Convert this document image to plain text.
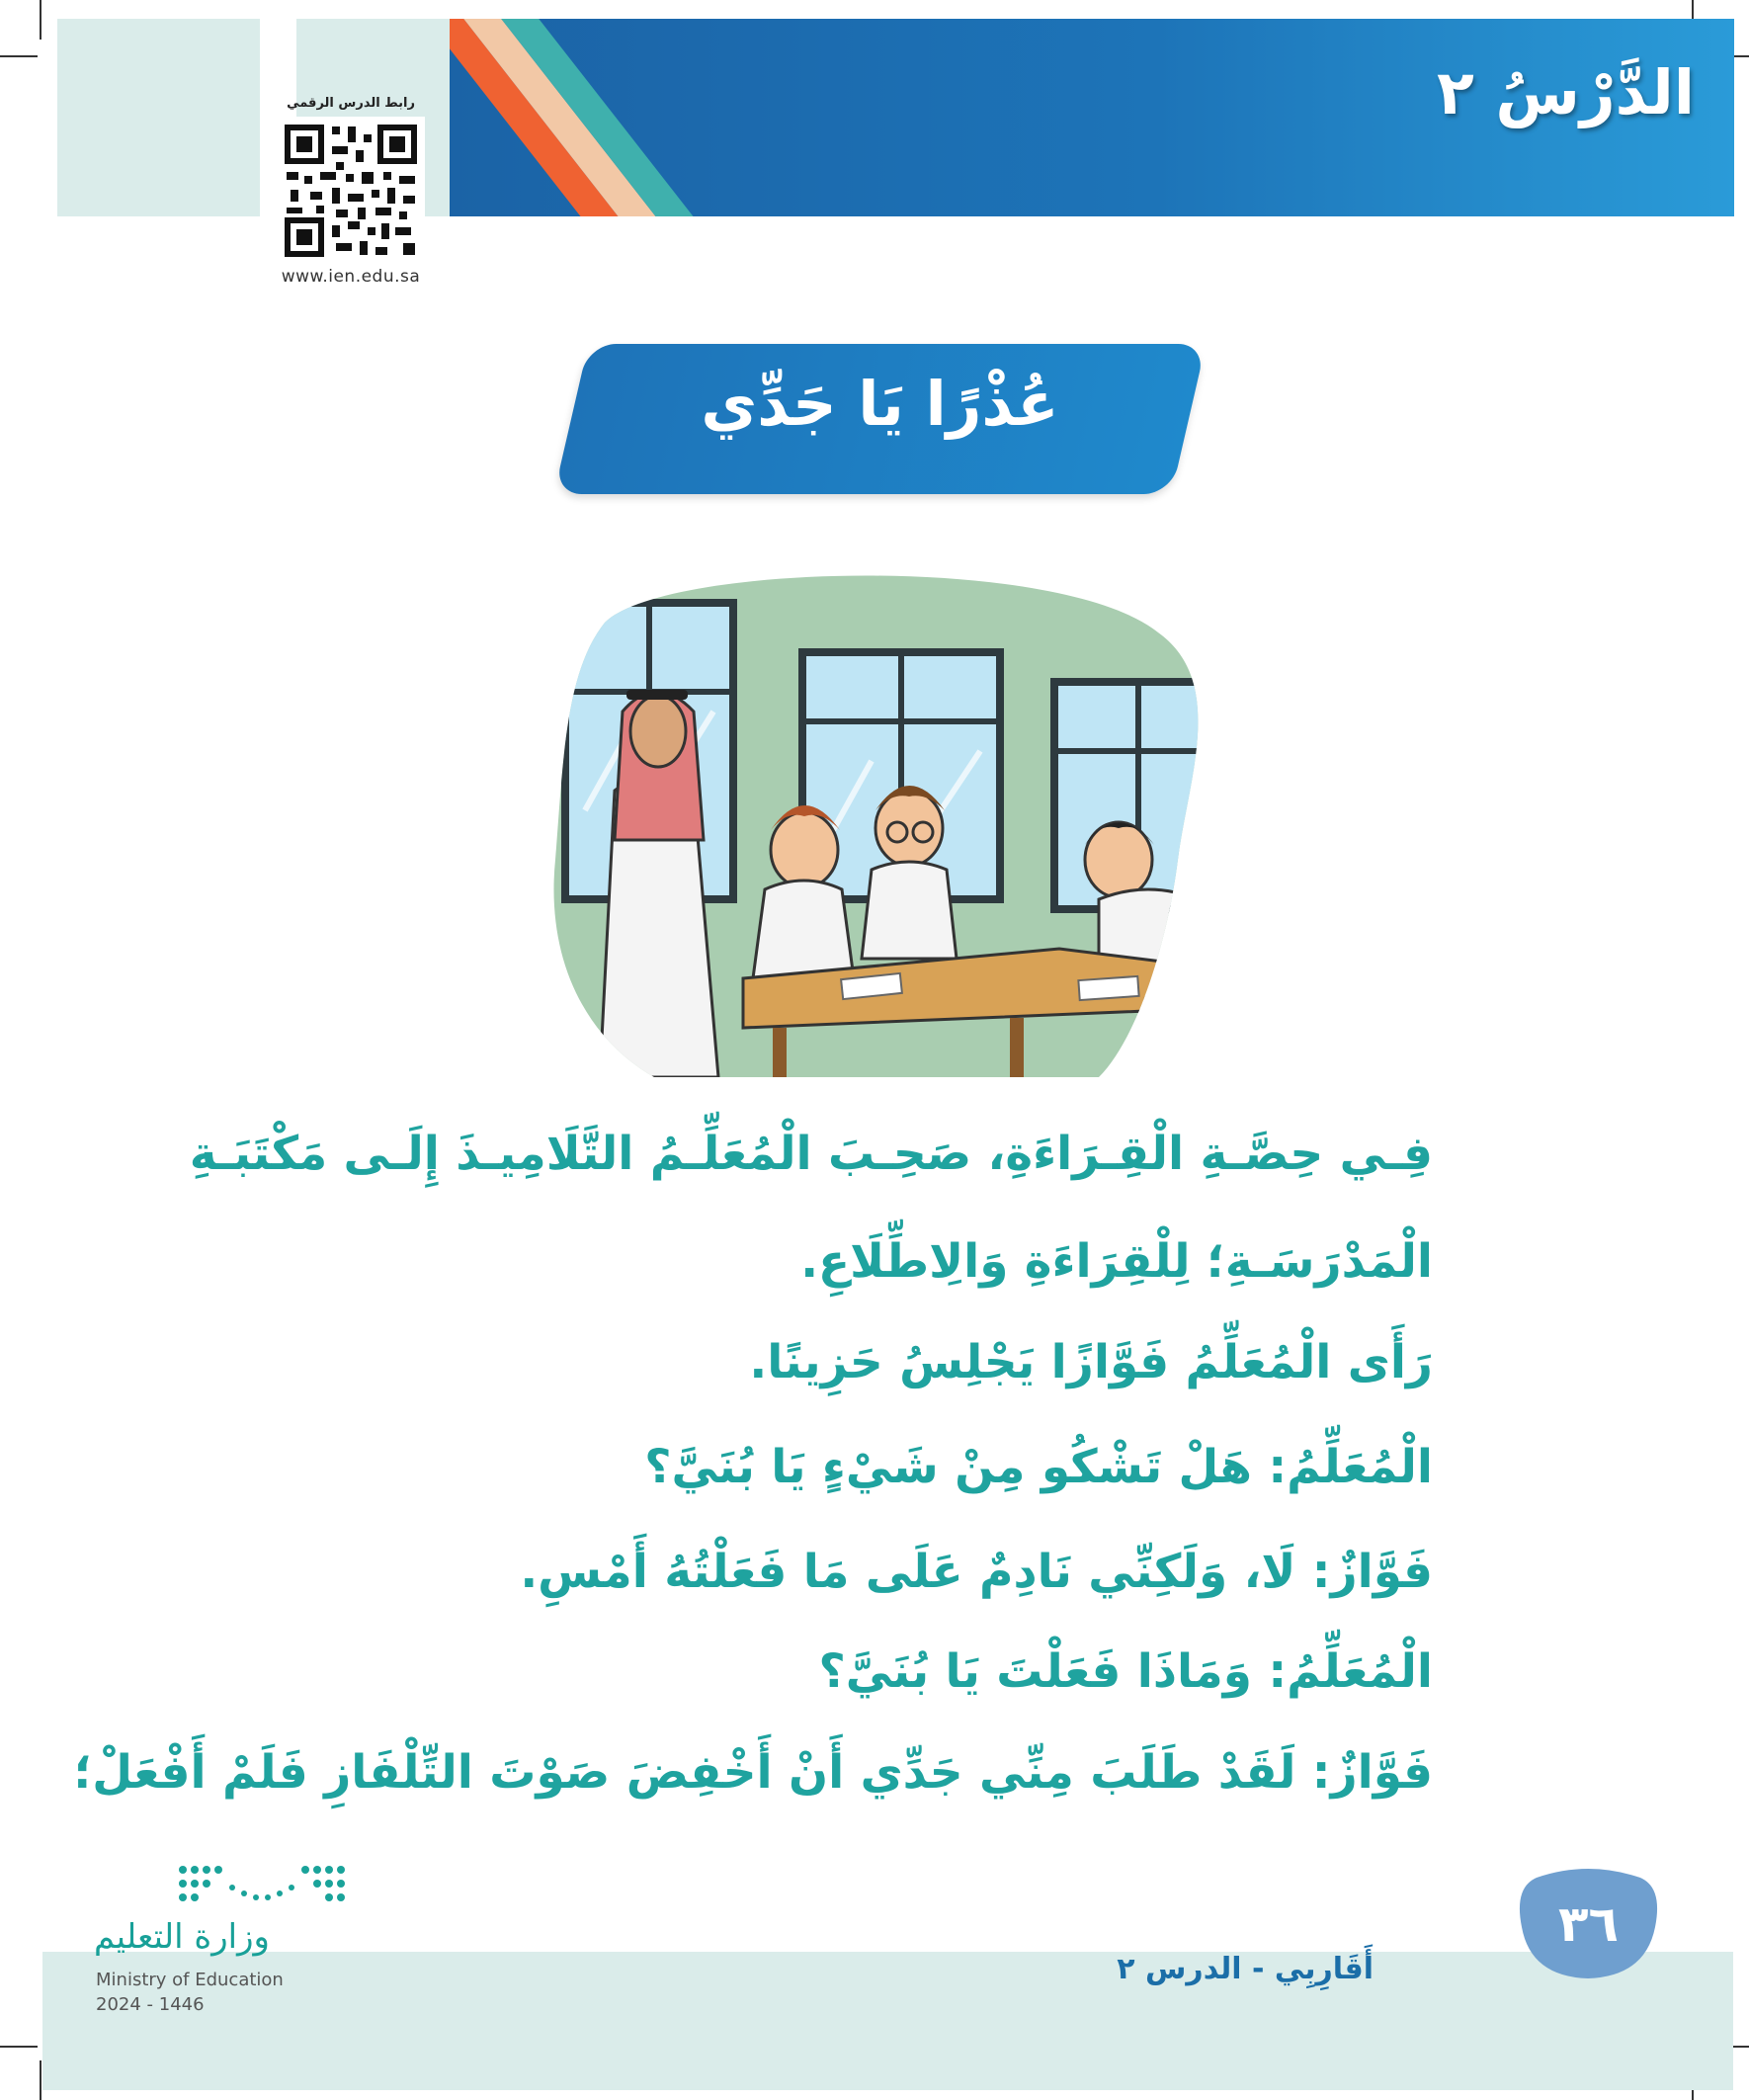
الدَّرْسُ ٢
رابط الدرس الرقمي
www.ien.edu.sa
عُذْرًا يَا جَدِّي
فِـي حِصَّـةِ الْقِـرَاءَةِ، صَحِـبَ الْمُعَلِّـمُ التَّلَامِيـذَ إِلَـى مَكْتَبَـةِ
الْمَدْرَسَـةِ؛ لِلْقِرَاءَةِ وَالِاطِّلَاعِ.
رَأَى الْمُعَلِّمُ فَوَّازًا يَجْلِسُ حَزِينًا.
الْمُعَلِّمُ: هَلْ تَشْكُو مِنْ شَيْءٍ يَا بُنَيَّ؟
فَوَّازٌ: لَا، وَلَكِنِّي نَادِمٌ عَلَى مَا فَعَلْتُهُ أَمْسِ.
الْمُعَلِّمُ: وَمَاذَا فَعَلْتَ يَا بُنَيَّ؟
فَوَّازٌ: لَقَدْ طَلَبَ مِنِّي جَدِّي أَنْ أَخْفِضَ صَوْتَ التِّلْفَازِ فَلَمْ أَفْعَلْ؛
أَقَارِبِي - الدرس ٢
٣٦
وزارة التعليم
Ministry of Education
2024 - 1446
